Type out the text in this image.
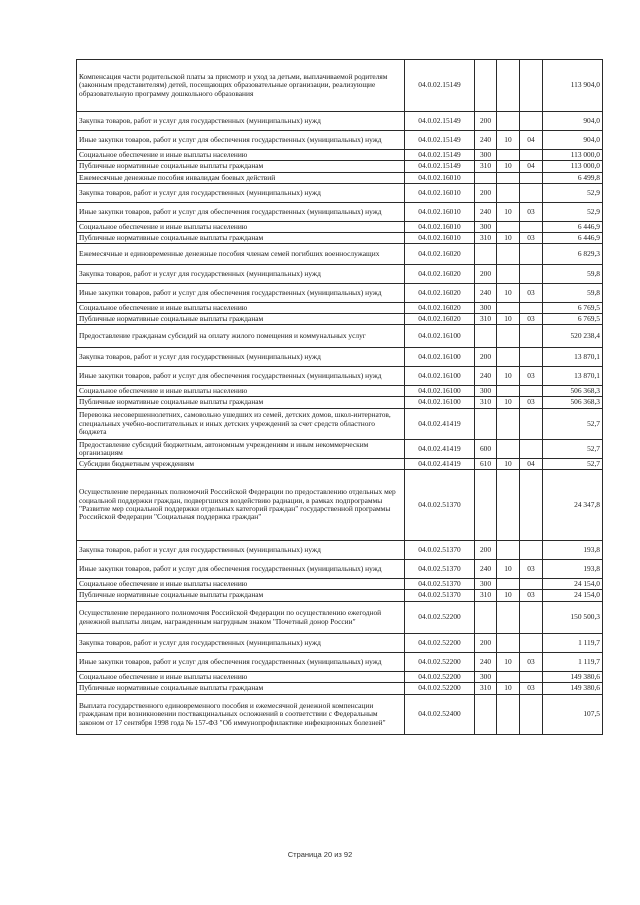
Компенсация части родительской платы за присмотр и уход за детьми, выплачиваемой родителям (законным представителям) детей, посещающих образовательные организации, реализующие образовательную программу дошкольного образования	04.0.02.15149				113 904,0
Закупка товаров, работ и услуг для государственных (муниципальных) нужд	04.0.02.15149	200			904,0
Иные закупки товаров, работ и услуг для обеспечения государственных (муниципальных) нужд	04.0.02.15149	240	10	04	904,0
Социальное обеспечение и иные выплаты населению	04.0.02.15149	300			113 000,0
Публичные нормативные социальные выплаты гражданам	04.0.02.15149	310	10	04	113 000,0
Ежемесячные денежные пособия инвалидам боевых действий	04.0.02.16010				6 499,8
Закупка товаров, работ и услуг для государственных (муниципальных) нужд	04.0.02.16010	200			52,9
Иные закупки товаров, работ и услуг для обеспечения государственных (муниципальных) нужд	04.0.02.16010	240	10	03	52,9
Социальное обеспечение и иные выплаты населению	04.0.02.16010	300			6 446,9
Публичные нормативные социальные выплаты гражданам	04.0.02.16010	310	10	03	6 446,9
Ежемесячные и единовременные денежные пособия членам семей погибших военнослужащих	04.0.02.16020				6 829,3
Закупка товаров, работ и услуг для государственных (муниципальных) нужд	04.0.02.16020	200			59,8
Иные закупки товаров, работ и услуг для обеспечения государственных (муниципальных) нужд	04.0.02.16020	240	10	03	59,8
Социальное обеспечение и иные выплаты населению	04.0.02.16020	300			6 769,5
Публичные нормативные социальные выплаты гражданам	04.0.02.16020	310	10	03	6 769,5
Предоставление гражданам субсидий на оплату жилого помещения и коммунальных услуг	04.0.02.16100				520 238,4
Закупка товаров, работ и услуг для государственных (муниципальных) нужд	04.0.02.16100	200			13 870,1
Иные закупки товаров, работ и услуг для обеспечения государственных (муниципальных) нужд	04.0.02.16100	240	10	03	13 870,1
Социальное обеспечение и иные выплаты населению	04.0.02.16100	300			506 368,3
Публичные нормативные социальные выплаты гражданам	04.0.02.16100	310	10	03	506 368,3
Перевозка несовершеннолетних, самовольно ушедших из семей, детских домов, школ-интернатов, специальных учебно-воспитательных и иных детских учреждений за счет средств областного бюджета	04.0.02.41419				52,7
Предоставление субсидий бюджетным, автономным учреждениям и иным некоммерческим организациям	04.0.02.41419	600			52,7
Субсидии бюджетным учреждениям	04.0.02.41419	610	10	04	52,7
Осуществление переданных полномочий Российской Федерации по предоставлению отдельных мер социальной поддержки граждан, подвергшихся воздействию радиации, в рамках подпрограммы "Развитие мер социальной поддержки отдельных категорий граждан" государственной программы Российской Федерации "Социальная поддержка граждан"	04.0.02.51370				24 347,8
Закупка товаров, работ и услуг для государственных (муниципальных) нужд	04.0.02.51370	200			193,8
Иные закупки товаров, работ и услуг для обеспечения государственных (муниципальных) нужд	04.0.02.51370	240	10	03	193,8
Социальное обеспечение и иные выплаты населению	04.0.02.51370	300			24 154,0
Публичные нормативные социальные выплаты гражданам	04.0.02.51370	310	10	03	24 154,0
Осуществление переданного полномочия Российской Федерации по осуществлению ежегодной денежной выплаты лицам, награжденным нагрудным знаком "Почетный донор России"	04.0.02.52200				150 500,3
Закупка товаров, работ и услуг для государственных (муниципальных) нужд	04.0.02.52200	200			1 119,7
Иные закупки товаров, работ и услуг для обеспечения государственных (муниципальных) нужд	04.0.02.52200	240	10	03	1 119,7
Социальное обеспечение и иные выплаты населению	04.0.02.52200	300			149 380,6
Публичные нормативные социальные выплаты гражданам	04.0.02.52200	310	10	03	149 380,6
Выплата государственного единовременного пособия и ежемесячной денежной компенсации гражданам при возникновении поствакцинальных осложнений в соответствии с Федеральным законом от 17 сентября 1998 года № 157-ФЗ "Об иммунопрофилактике инфекционных болезней"	04.0.02.52400				107,5
Страница 20 из 92
